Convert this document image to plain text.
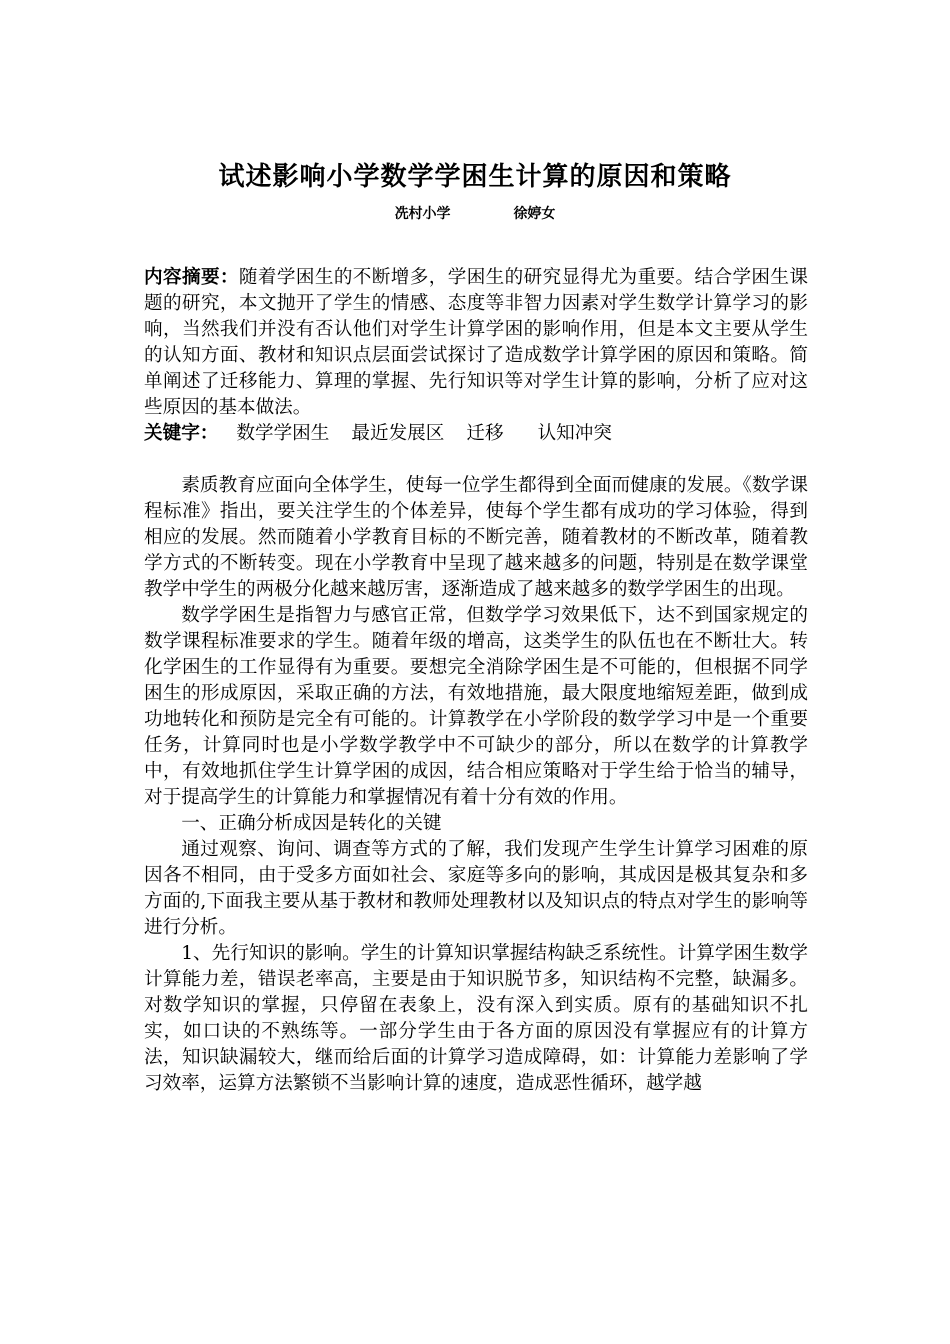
试述影响小学数学学困生计算的原因和策略
冼村小学	徐婷女

内容摘要：随着学困生的不断增多，学困生的研究显得尤为重要。结合学困生课题的研究，本文抛开了学生的情感、态度等非智力因素对学生数学计算学习的影响，当然我们并没有否认他们对学生计算学困的影响作用，但是本文主要从学生的认知方面、教材和知识点层面尝试探讨了造成数学计算学困的原因和策略。简单阐述了迁移能力、算理的掌握、先行知识等对学生计算的影响，分析了应对这些原因的基本做法。

关键字： 数学学困生 最近发展区 迁移 认知冲突

素质教育应面向全体学生，使每一位学生都得到全面而健康的发展。《数学课程标准》指出，要关注学生的个体差异，使每个学生都有成功的学习体验，得到相应的发展。然而随着小学教育目标的不断完善，随着教材的不断改革，随着教学方式的不断转变。现在小学教育中呈现了越来越多的问题，特别是在数学课堂教学中学生的两极分化越来越厉害，逐渐造成了越来越多的数学学困生的出现。

数学学困生是指智力与感官正常，但数学学习效果低下，达不到国家规定的数学课程标准要求的学生。随着年级的增高，这类学生的队伍也在不断壮大。转化学困生的工作显得有为重要。要想完全消除学困生是不可能的，但根据不同学困生的形成原因，采取正确的方法，有效地措施，最大限度地缩短差距，做到成功地转化和预防是完全有可能的。计算教学在小学阶段的数学学习中是一个重要任务，计算同时也是小学数学教学中不可缺少的部分，所以在数学的计算教学中，有效地抓住学生计算学困的成因，结合相应策略对于学生给于恰当的辅导，对于提高学生的计算能力和掌握情况有着十分有效的作用。

一、正确分析成因是转化的关键

通过观察、询问、调查等方式的了解，我们发现产生学生计算学习困难的原因各不相同，由于受多方面如社会、家庭等多向的影响，其成因是极其复杂和多方面的,下面我主要从基于教材和教师处理教材以及知识点的特点对学生的影响等进行分析。

1、先行知识的影响。学生的计算知识掌握结构缺乏系统性。计算学困生数学计算能力差，错误老率高，主要是由于知识脱节多，知识结构不完整，缺漏多。对数学知识的掌握，只停留在表象上，没有深入到实质。原有的基础知识不扎实，如口诀的不熟练等。一部分学生由于各方面的原因没有掌握应有的计算方法，知识缺漏较大，继而给后面的计算学习造成障碍，如：计算能力差影响了学习效率，运算方法繁锁不当影响计算的速度，造成恶性循环，越学越
